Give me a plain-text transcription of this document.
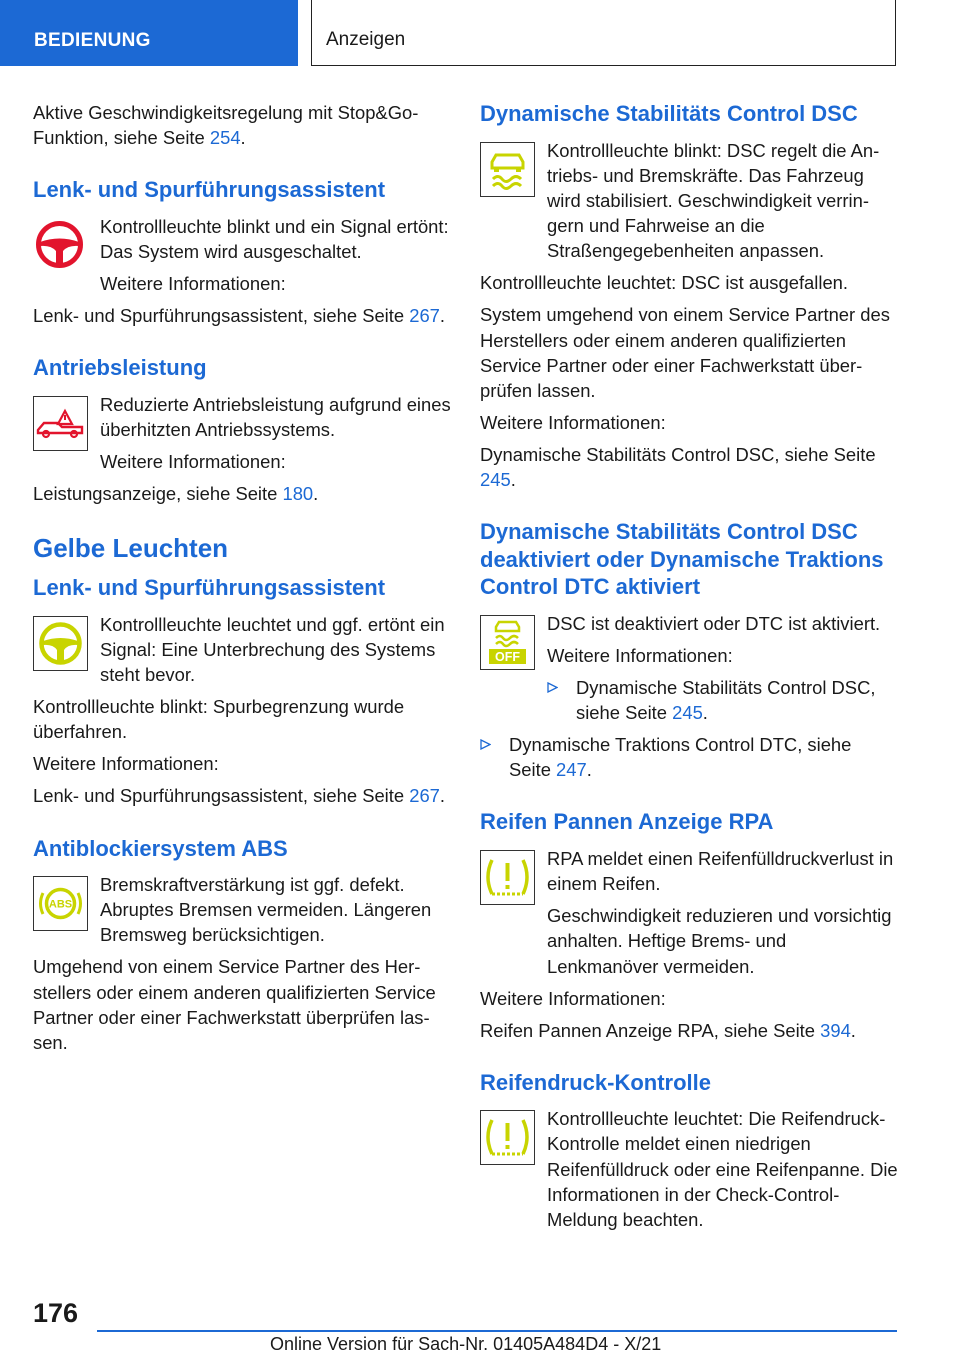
BEDIENUNG	Anzeigen

Aktive Geschwindigkeitsregelung mit Stop&Go-Funktion, siehe Seite 254.

Lenk- und Spurführungsassistent

Kontrollleuchte blinkt und ein Signal ertönt: Das System wird ausgeschaltet.

Weitere Informationen:

Lenk- und Spurführungsassistent, siehe Seite 267.

Antriebsleistung

Reduzierte Antriebsleistung aufgrund eines überhitzten Antriebssystems.

Weitere Informationen:

Leistungsanzeige, siehe Seite 180.

Gelbe Leuchten
Lenk- und Spurführungsassistent

Kontrollleuchte leuchtet und ggf. ertönt ein Signal: Eine Unterbrechung des Systems steht bevor.

Kontrollleuchte blinkt: Spurbegrenzung wurde überfahren.

Weitere Informationen:

Lenk- und Spurführungsassistent, siehe Seite 267.

Antiblockiersystem ABS
ABS

Bremskraftverstärkung ist ggf. defekt. Abruptes Bremsen vermeiden. Längeren Bremsweg berücksichtigen.

Umgehend von einem Service Partner des Herstellers oder einem anderen qualifizierten Service Partner oder einer Fachwerkstatt überprüfen lassen.

Dynamische Stabilitäts Control DSC

Kontrollleuchte blinkt: DSC regelt die Antriebs- und Bremskräfte. Das Fahrzeug wird stabilisiert. Geschwindigkeit verringern und Fahrweise an die Straßengegebenheiten anpassen.

Kontrollleuchte leuchtet: DSC ist ausgefallen.

System umgehend von einem Service Partner des Herstellers oder einem anderen qualifizierten Service Partner oder einer Fachwerkstatt überprüfen lassen.

Weitere Informationen:

Dynamische Stabilitäts Control DSC, siehe Seite 245.

Dynamische Stabilitäts Control DSC deaktiviert oder Dynamische Traktions Control DTC aktiviert
OFF

DSC ist deaktiviert oder DTC ist aktiviert.

Weitere Informationen:

Dynamische Stabilitäts Control DSC, siehe Seite 245.
Dynamische Traktions Control DTC, siehe Seite 247.
Reifen Pannen Anzeige RPA

RPA meldet einen Reifenfülldruckverlust in einem Reifen.

Geschwindigkeit reduzieren und vorsichtig anhalten. Heftige Brems- und Lenkmanöver vermeiden.

Weitere Informationen:

Reifen Pannen Anzeige RPA, siehe Seite 394.

Reifendruck-Kontrolle

Kontrollleuchte leuchtet: Die Reifendruck-Kontrolle meldet einen niedrigen Reifenfülldruck oder eine Reifenpanne. Die Informationen in der Check-Control-Meldung beachten.

176
Online Version für Sach-Nr. 01405A484D4 - X/21
